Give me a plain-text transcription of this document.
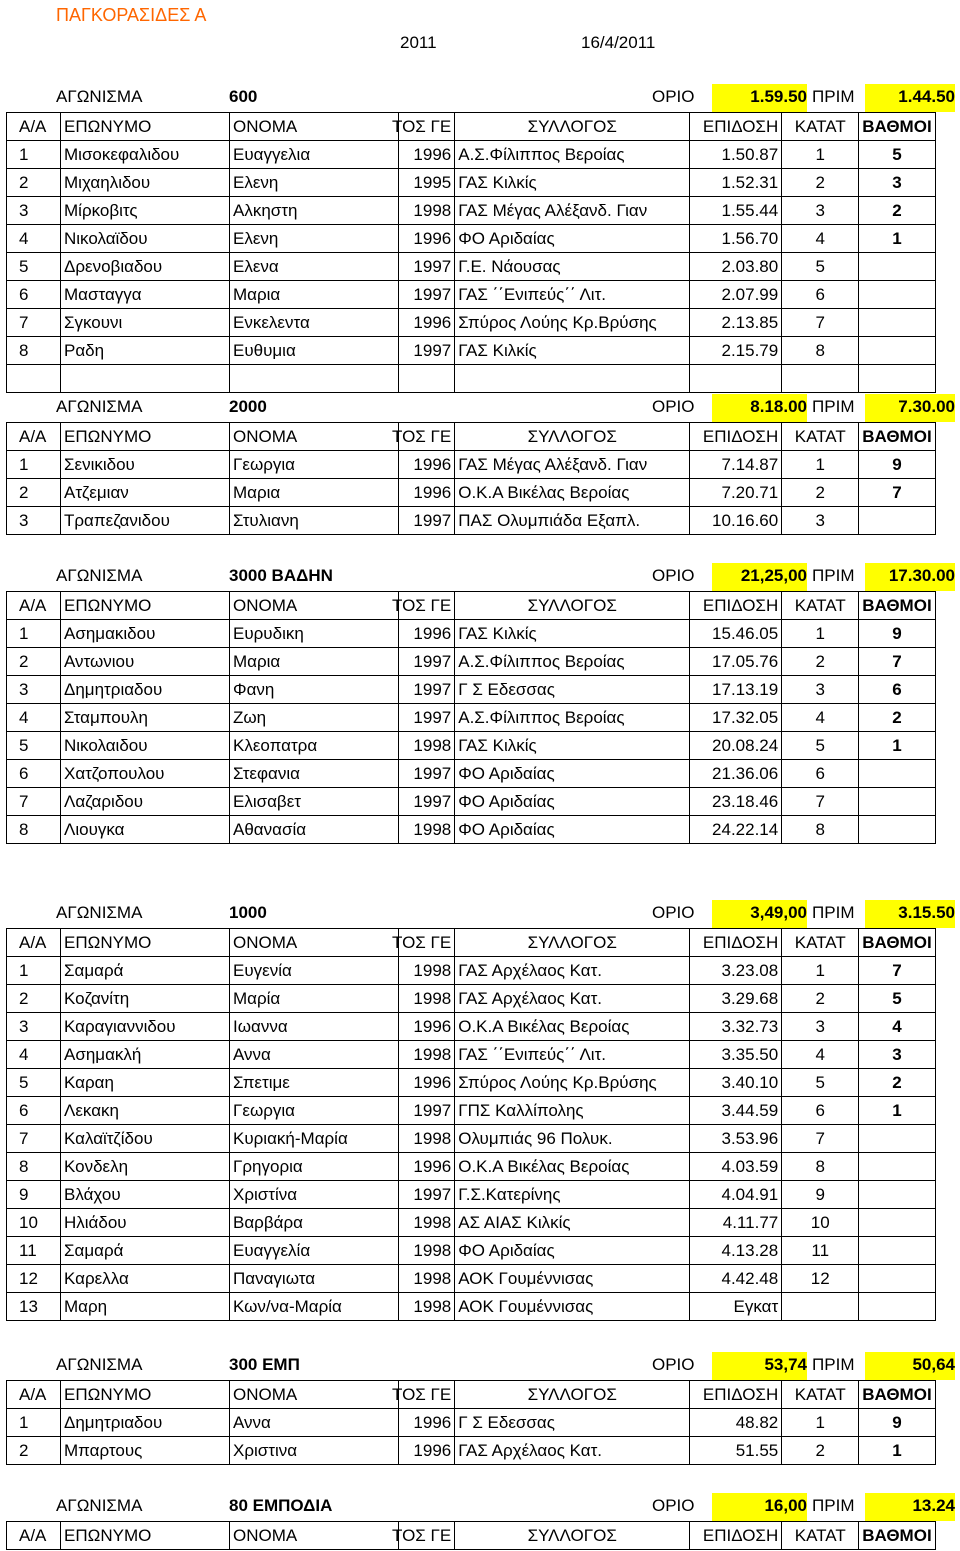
ΠΑΓΚΟΡΑΣΙΔΕΣ Α
2011	16/4/2011
ΑΓΩΝΙΣΜΑ	600	ΟΡΙΟ	1.59.50 ΠΡΙΜ	1.44.50
Α/Α	ΕΠΩΝΥΜΟ	ΟΝΟΜΑ	ΤΟΣ ΓΕ	ΣΥΛΛΟΓΟΣ	ΕΠΙΔΟΣΗ	ΚΑΤΑΤ	ΒΑΘΜΟΙ
1	Μισοκεφαλιδου	Ευαγγελια	1996	Α.Σ.Φίλιππος Βεροίας	1.50.87	1	5
2	Μιχαηλιδου	Ελενη	1995	ΓΑΣ Κιλκίς	1.52.31	2	3
3	Μίρκοβιτς	Αλκηστη	1998	ΓΑΣ Μέγας Αλέξανδ. Γιαν	1.55.44	3	2
4	Νικολαϊδου	Ελενη	1996	ΦΟ Αριδαίας	1.56.70	4	1
5	Δρενοβιαδου	Ελενα	1997	Γ.Ε. Νάουσας	2.03.80	5	
6	Μασταγγα	Μαρια	1997	ΓΑΣ ΄΄Ενιπεύς΄΄ Λιτ.	2.07.99	6	
7	Σγκουνι	Ενκελεντα	1996	Σπύρος Λούης Κρ.Βρύσης	2.13.85	7	
8	Ραδη	Ευθυμια	1997	ΓΑΣ Κιλκίς	2.15.79	8	

ΑΓΩΝΙΣΜΑ	2000	ΟΡΙΟ	8.18.00 ΠΡΙΜ	7.30.00
Α/Α	ΕΠΩΝΥΜΟ	ΟΝΟΜΑ	ΤΟΣ ΓΕ	ΣΥΛΛΟΓΟΣ	ΕΠΙΔΟΣΗ	ΚΑΤΑΤ	ΒΑΘΜΟΙ
1	Σενικιδου	Γεωργια	1996	ΓΑΣ Μέγας Αλέξανδ. Γιαν	7.14.87	1	9
2	Ατζεμιαν	Μαρια	1996	Ο.Κ.Α Βικέλας Βεροίας	7.20.71	2	7
3	Τραπεζανιδου	Στυλιανη	1997	ΠΑΣ Ολυμπιάδα Εξαπλ.	10.16.60	3	
ΑΓΩΝΙΣΜΑ	3000 ΒΑΔΗΝ	ΟΡΙΟ	21,25,00 ΠΡΙΜ	17.30.00
Α/Α	ΕΠΩΝΥΜΟ	ΟΝΟΜΑ	ΤΟΣ ΓΕ	ΣΥΛΛΟΓΟΣ	ΕΠΙΔΟΣΗ	ΚΑΤΑΤ	ΒΑΘΜΟΙ
1	Ασημακιδου	Ευρυδικη	1996	ΓΑΣ Κιλκίς	15.46.05	1	9
2	Αντωνιου	Μαρια	1997	Α.Σ.Φίλιππος Βεροίας	17.05.76	2	7
3	Δημητριαδου	Φανη	1997	Γ Σ Εδεσσας	17.13.19	3	6
4	Σταμπουλη	Ζωη	1997	Α.Σ.Φίλιππος Βεροίας	17.32.05	4	2
5	Νικολαιδου	Κλεοπατρα	1998	ΓΑΣ Κιλκίς	20.08.24	5	1
6	Χατζοπουλου	Στεφανια	1997	ΦΟ Αριδαίας	21.36.06	6	
7	Λαζαριδου	Ελισαβετ	1997	ΦΟ Αριδαίας	23.18.46	7	
8	Λιουγκα	Αθανασία	1998	ΦΟ Αριδαίας	24.22.14	8	
ΑΓΩΝΙΣΜΑ	1000	ΟΡΙΟ	3,49,00 ΠΡΙΜ	3.15.50
Α/Α	ΕΠΩΝΥΜΟ	ΟΝΟΜΑ	ΤΟΣ ΓΕ	ΣΥΛΛΟΓΟΣ	ΕΠΙΔΟΣΗ	ΚΑΤΑΤ	ΒΑΘΜΟΙ
1	Σαμαρά	Ευγενία	1998	ΓΑΣ Αρχέλαος Κατ.	3.23.08	1	7
2	Κοζανίτη	Μαρία	1998	ΓΑΣ Αρχέλαος Κατ.	3.29.68	2	5
3	Καραγιαννιδου	Ιωαννα	1996	Ο.Κ.Α Βικέλας Βεροίας	3.32.73	3	4
4	Ασημακλή	Αννα	1998	ΓΑΣ ΄΄Ενιπεύς΄΄ Λιτ.	3.35.50	4	3
5	Καραη	Σπετιμε	1996	Σπύρος Λούης Κρ.Βρύσης	3.40.10	5	2
6	Λεκακη	Γεωργια	1997	ΓΠΣ Καλλίπολης	3.44.59	6	1
7	Καλαϊτζίδου	Κυριακή-Μαρία	1998	Ολυμπιάς 96 Πολυκ.	3.53.96	7	
8	Κονδελη	Γρηγορια	1996	Ο.Κ.Α Βικέλας Βεροίας	4.03.59	8	
9	Βλάχου	Χριστίνα	1997	Γ.Σ.Κατερίνης	4.04.91	9	
10	Ηλιάδου	Βαρβάρα	1998	ΑΣ ΑΙΑΣ Κιλκίς	4.11.77	10	
11	Σαμαρά	Ευαγγελία	1998	ΦΟ Αριδαίας	4.13.28	11	
12	Καρελλα	Παναγιωτα	1998	ΑΟΚ Γουμέννισας	4.42.48	12	
13	Μαρη	Κων/να-Μαρία	1998	ΑΟΚ Γουμέννισας	Εγκατ		
ΑΓΩΝΙΣΜΑ	300 ΕΜΠ	ΟΡΙΟ	53,74 ΠΡΙΜ	50,64
Α/Α	ΕΠΩΝΥΜΟ	ΟΝΟΜΑ	ΤΟΣ ΓΕ	ΣΥΛΛΟΓΟΣ	ΕΠΙΔΟΣΗ	ΚΑΤΑΤ	ΒΑΘΜΟΙ
1	Δημητριαδου	Αννα	1996	Γ Σ Εδεσσας	48.82	1	9
2	Μπαρτους	Χριστινα	1996	ΓΑΣ Αρχέλαος Κατ.	51.55	2	1
ΑΓΩΝΙΣΜΑ	80 ΕΜΠΟΔΙΑ	ΟΡΙΟ	16,00 ΠΡΙΜ	13.24
Α/Α	ΕΠΩΝΥΜΟ	ΟΝΟΜΑ	ΤΟΣ ΓΕ	ΣΥΛΛΟΓΟΣ	ΕΠΙΔΟΣΗ	ΚΑΤΑΤ	ΒΑΘΜΟΙ
